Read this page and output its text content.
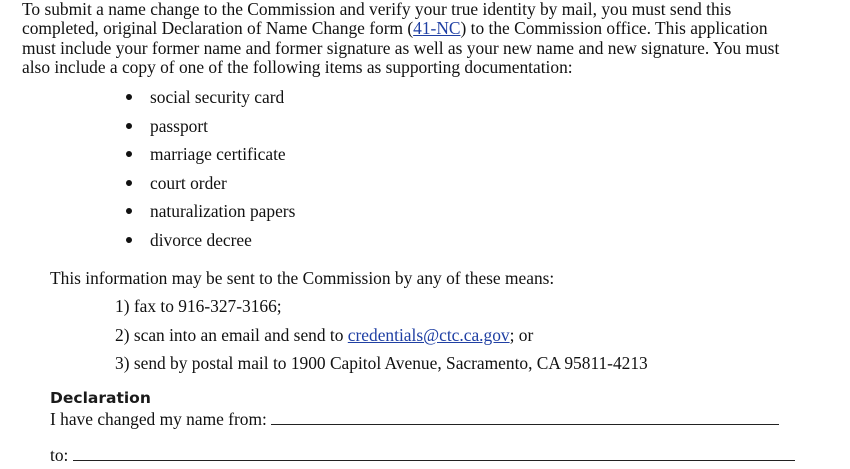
To submit a name change to the Commission and verify your true identity by mail, you must send this

completed, original Declaration of Name Change form (41-NC) to the Commission office. This application

must include your former name and former signature as well as your new name and new signature. You must

also include a copy of one of the following items as supporting documentation:

social security card
passport
marriage certificate
court order
naturalization papers
divorce decree
This information may be sent to the Commission by any of these means:
1) fax to 916-327-3166;
2) scan into an email and send to credentials@ctc.ca.gov; or
3) send by postal mail to 1900 Capitol Avenue, Sacramento, CA 95811-4213
Declaration
I have changed my name from:
to:
